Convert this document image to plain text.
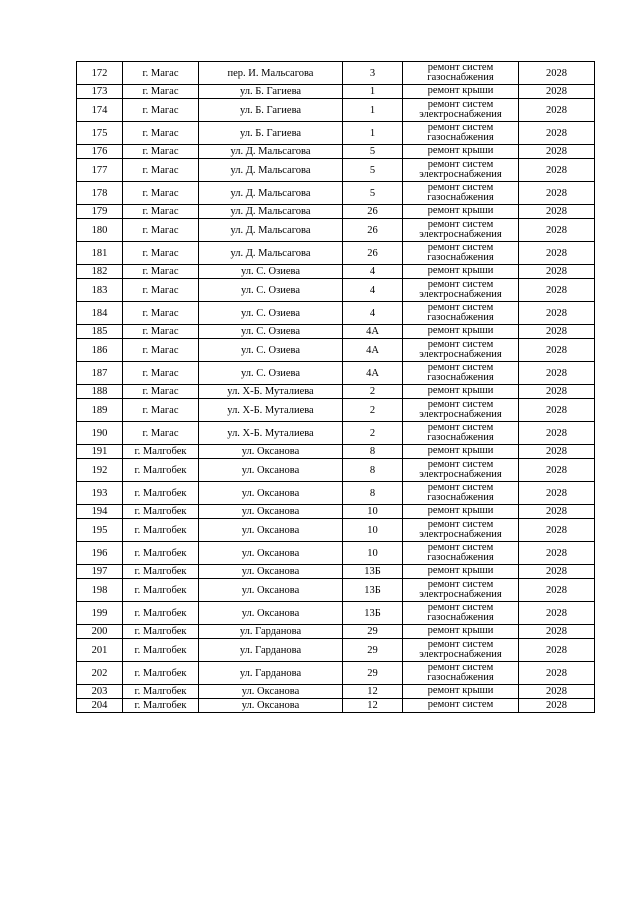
172	г. Магас	пер. И. Мальсагова	3	ремонт систем газоснабжения	2028
173	г. Магас	ул. Б. Гагиева	1	ремонт крыши	2028
174	г. Магас	ул. Б. Гагиева	1	ремонт систем электроснабжения	2028
175	г. Магас	ул. Б. Гагиева	1	ремонт систем газоснабжения	2028
176	г. Магас	ул. Д. Мальсагова	5	ремонт крыши	2028
177	г. Магас	ул. Д. Мальсагова	5	ремонт систем электроснабжения	2028
178	г. Магас	ул. Д. Мальсагова	5	ремонт систем газоснабжения	2028
179	г. Магас	ул. Д. Мальсагова	26	ремонт крыши	2028
180	г. Магас	ул. Д. Мальсагова	26	ремонт систем электроснабжения	2028
181	г. Магас	ул. Д. Мальсагова	26	ремонт систем газоснабжения	2028
182	г. Магас	ул. С. Озиева	4	ремонт крыши	2028
183	г. Магас	ул. С. Озиева	4	ремонт систем электроснабжения	2028
184	г. Магас	ул. С. Озиева	4	ремонт систем газоснабжения	2028
185	г. Магас	ул. С. Озиева	4А	ремонт крыши	2028
186	г. Магас	ул. С. Озиева	4А	ремонт систем электроснабжения	2028
187	г. Магас	ул. С. Озиева	4А	ремонт систем газоснабжения	2028
188	г. Магас	ул. Х-Б. Муталиева	2	ремонт крыши	2028
189	г. Магас	ул. Х-Б. Муталиева	2	ремонт систем электроснабжения	2028
190	г. Магас	ул. Х-Б. Муталиева	2	ремонт систем газоснабжения	2028
191	г. Малгобек	ул. Оксанова	8	ремонт крыши	2028
192	г. Малгобек	ул. Оксанова	8	ремонт систем электроснабжения	2028
193	г. Малгобек	ул. Оксанова	8	ремонт систем газоснабжения	2028
194	г. Малгобек	ул. Оксанова	10	ремонт крыши	2028
195	г. Малгобек	ул. Оксанова	10	ремонт систем электроснабжения	2028
196	г. Малгобек	ул. Оксанова	10	ремонт систем газоснабжения	2028
197	г. Малгобек	ул. Оксанова	13Б	ремонт крыши	2028
198	г. Малгобек	ул. Оксанова	13Б	ремонт систем электроснабжения	2028
199	г. Малгобек	ул. Оксанова	13Б	ремонт систем газоснабжения	2028
200	г. Малгобек	ул. Гарданова	29	ремонт крыши	2028
201	г. Малгобек	ул. Гарданова	29	ремонт систем электроснабжения	2028
202	г. Малгобек	ул. Гарданова	29	ремонт систем газоснабжения	2028
203	г. Малгобек	ул. Оксанова	12	ремонт крыши	2028
204	г. Малгобек	ул. Оксанова	12	ремонт систем	2028
